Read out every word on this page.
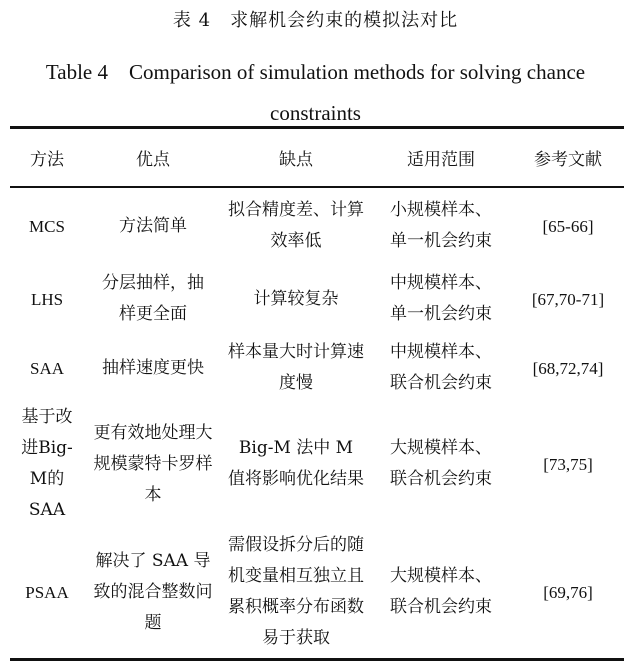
表 4　求解机会约束的模拟法对比
Table 4　Comparison of simulation methods for solving chance constraints
方法	优点	缺点	适用范围	参考文献
MCS	方法简单	拟合精度差、计算效率低	小规模样本、单一机会约束	[65-66]
LHS	分层抽样，抽样更全面	计算较复杂	中规模样本、单一机会约束	[67,70-71]
SAA	抽样速度更快	样本量大时计算速度慢	中规模样本、联合机会约束	[68,72,74]
基于改进Big-M的SAA	更有效地处理大规模蒙特卡罗样本	Big-M 法中 M 值将影响优化结果	大规模样本、联合机会约束	[73,75]
PSAA	解决了 SAA 导致的混合整数问题	需假设拆分后的随机变量相互独立且累积概率分布函数易于获取	大规模样本、联合机会约束	[69,76]
